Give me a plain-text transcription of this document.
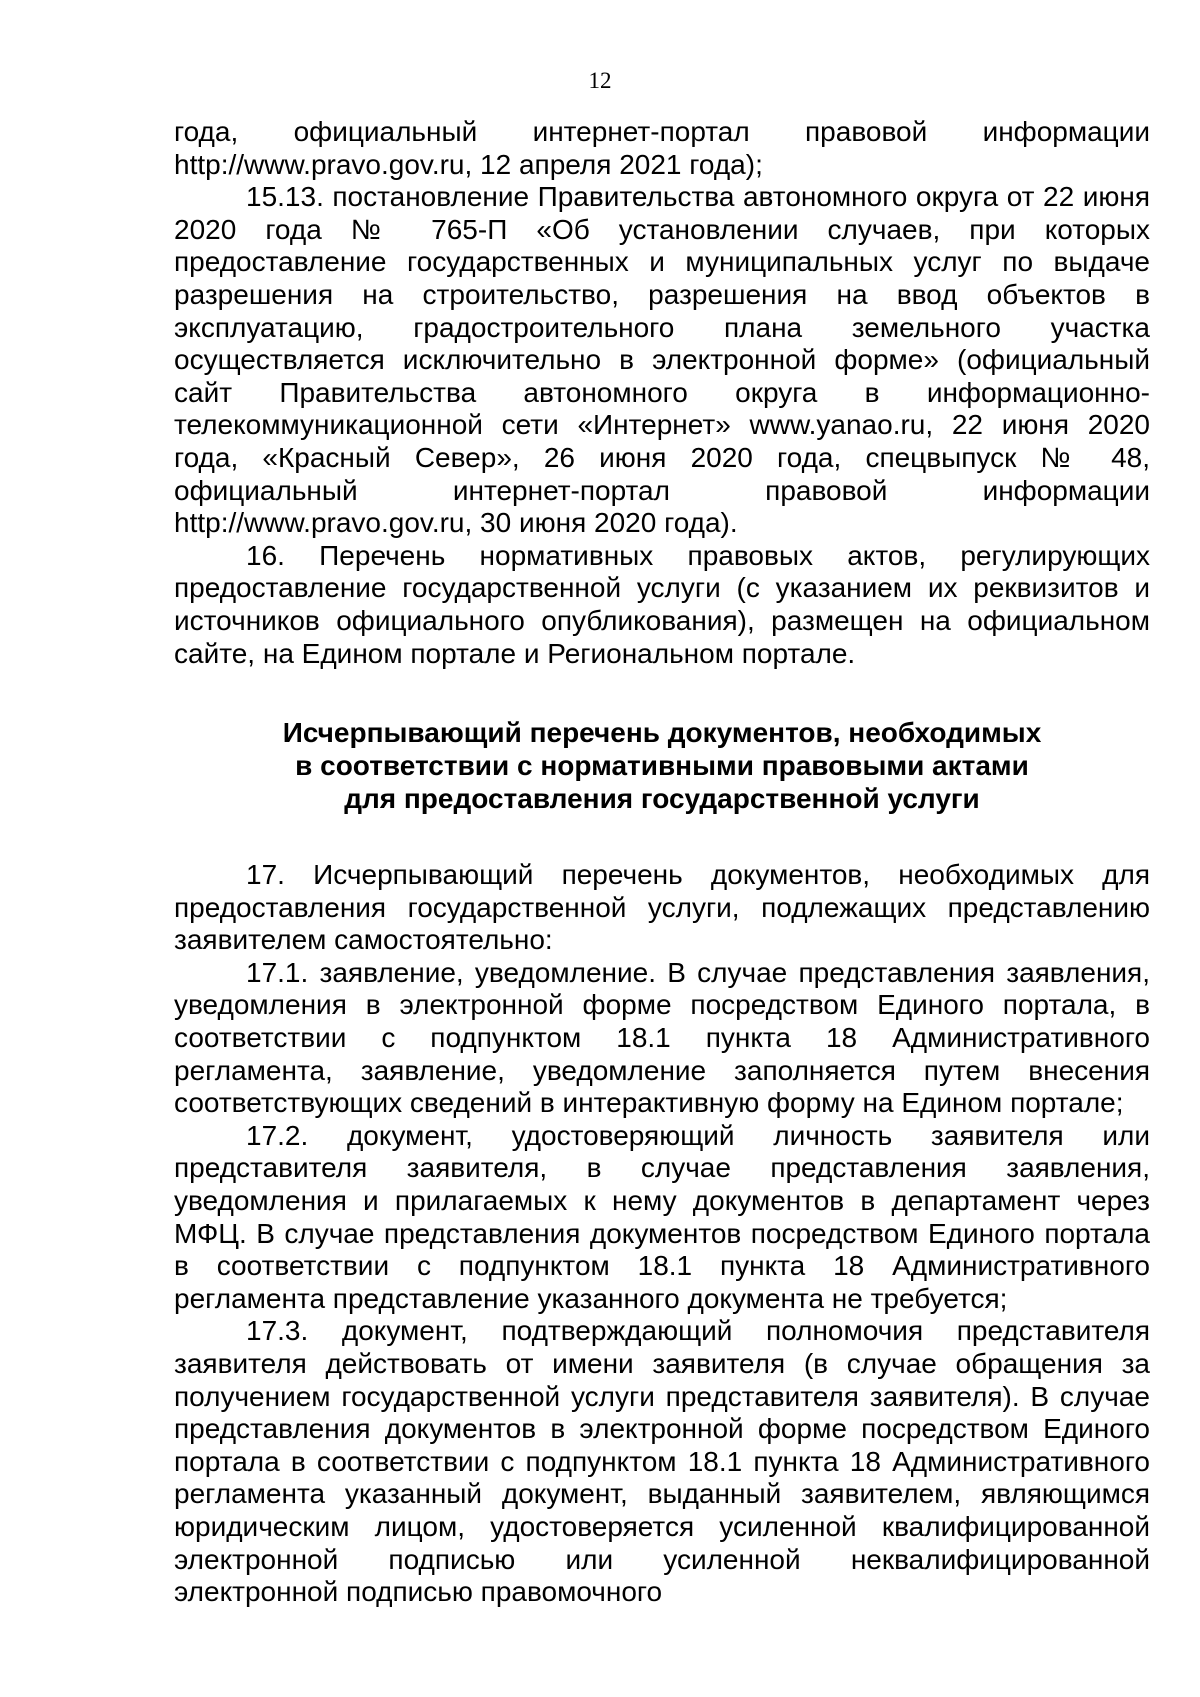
12

года, официальный интернет-портал правовой информации http://www.pravo.gov.ru, 12 апреля 2021 года);

15.13. постановление Правительства автономного округа от 22 июня 2020 года № 765-П «Об установлении случаев, при которых предоставление государственных и муниципальных услуг по выдаче разрешения на строительство, разрешения на ввод объектов в эксплуатацию, градостроительного плана земельного участка осуществляется исключительно в электронной форме» (официальный сайт Правительства автономного округа в информационно-телекоммуникационной сети «Интернет» www.yanao.ru, 22 июня 2020 года, «Красный Север», 26 июня 2020 года, спецвыпуск № 48, официальный интернет-портал правовой информации http://www.pravo.gov.ru, 30 июня 2020 года).

16. Перечень нормативных правовых актов, регулирующих предоставление государственной услуги (с указанием их реквизитов и источников официального опубликования), размещен на официальном сайте, на Едином портале и Региональном портале.

Исчерпывающий перечень документов, необходимых
в соответствии с нормативными правовыми актами
для предоставления государственной услуги

17. Исчерпывающий перечень документов, необходимых для предоставления государственной услуги, подлежащих представлению заявителем самостоятельно:

17.1. заявление, уведомление. В случае представления заявления, уведомления в электронной форме посредством Единого портала, в соответствии с подпунктом 18.1 пункта 18 Административного регламента, заявление, уведомление заполняется путем внесения соответствующих сведений в интерактивную форму на Едином портале;

17.2. документ, удостоверяющий личность заявителя или представителя заявителя, в случае представления заявления, уведомления и прилагаемых к нему документов в департамент через МФЦ. В случае представления документов посредством Единого портала в соответствии с подпунктом 18.1 пункта 18 Административного регламента представление указанного документа не требуется;

17.3. документ, подтверждающий полномочия представителя заявителя действовать от имени заявителя (в случае обращения за получением государственной услуги представителя заявителя). В случае представления документов в электронной форме посредством Единого портала в соответствии с подпунктом 18.1 пункта 18 Административного регламента указанный документ, выданный заявителем, являющимся юридическим лицом, удостоверяется усиленной квалифицированной электронной подписью или усиленной неквалифицированной электронной подписью правомочного
